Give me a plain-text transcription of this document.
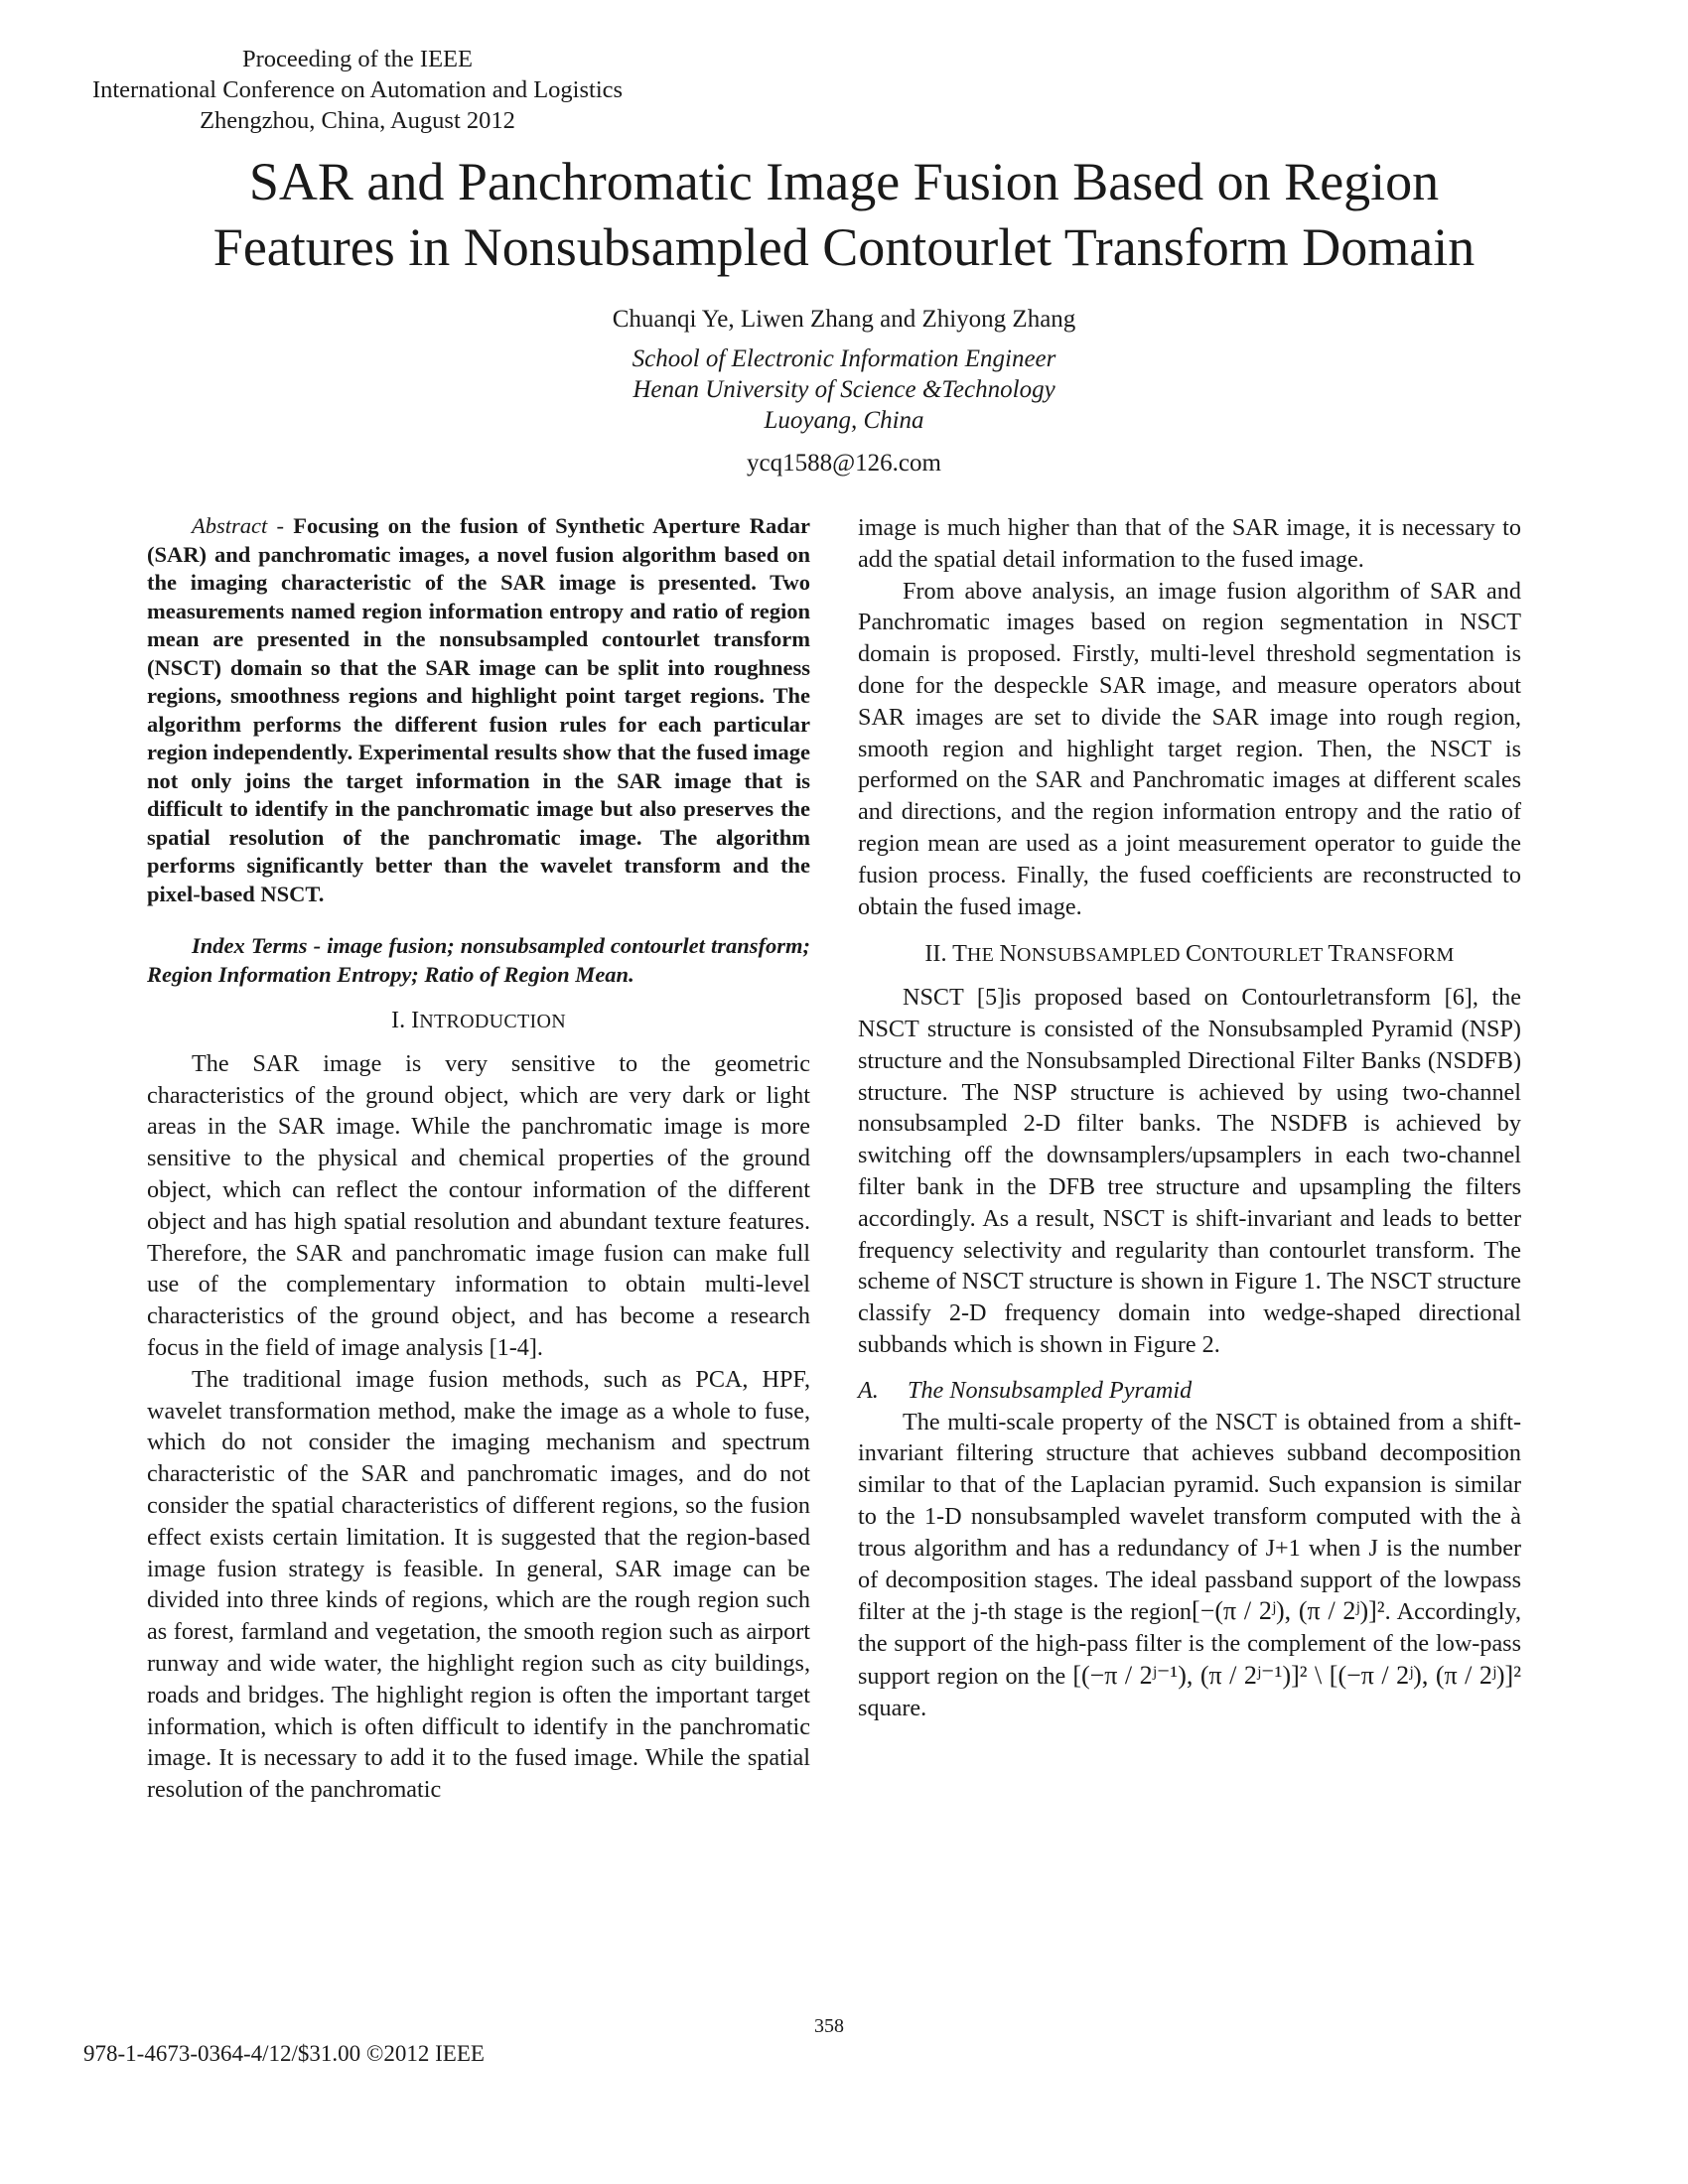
Proceeding of the IEEE
International Conference on Automation and Logistics
Zhengzhou, China, August 2012
SAR and Panchromatic Image Fusion Based on Region
Features in Nonsubsampled Contourlet Transform Domain
Chuanqi Ye, Liwen Zhang and Zhiyong Zhang
School of Electronic Information Engineer
Henan University of Science &Technology
Luoyang, China
ycq1588@126.com

Abstract - Focusing on the fusion of Synthetic Aperture Radar (SAR) and panchromatic images, a novel fusion algorithm based on the imaging characteristic of the SAR image is presented. Two measurements named region information entropy and ratio of region mean are presented in the nonsubsampled contourlet transform (NSCT) domain so that the SAR image can be split into roughness regions, smoothness regions and highlight point target regions. The algorithm performs the different fusion rules for each particular region independently. Experimental results show that the fused image not only joins the target information in the SAR image that is difficult to identify in the panchromatic image but also preserves the spatial resolution of the panchromatic image. The algorithm performs significantly better than the wavelet transform and the pixel-based NSCT.

Index Terms - image fusion; nonsubsampled contourlet transform; Region Information Entropy; Ratio of Region Mean.

I. INTRODUCTION

The SAR image is very sensitive to the geometric characteristics of the ground object, which are very dark or light areas in the SAR image. While the panchromatic image is more sensitive to the physical and chemical properties of the ground object, which can reflect the contour information of the different object and has high spatial resolution and abundant texture features. Therefore, the SAR and panchromatic image fusion can make full use of the complementary information to obtain multi-level characteristics of the ground object, and has become a research focus in the field of image analysis [1-4].

The traditional image fusion methods, such as PCA, HPF, wavelet transformation method, make the image as a whole to fuse, which do not consider the imaging mechanism and spectrum characteristic of the SAR and panchromatic images, and do not consider the spatial characteristics of different regions, so the fusion effect exists certain limitation. It is suggested that the region-based image fusion strategy is feasible. In general, SAR image can be divided into three kinds of regions, which are the rough region such as forest, farmland and vegetation, the smooth region such as airport runway and wide water, the highlight region such as city buildings, roads and bridges. The highlight region is often the important target information, which is often difficult to identify in the panchromatic image. It is necessary to add it to the fused image. While the spatial resolution of the panchromatic

image is much higher than that of the SAR image, it is necessary to add the spatial detail information to the fused image.

From above analysis, an image fusion algorithm of SAR and Panchromatic images based on region segmentation in NSCT domain is proposed. Firstly, multi-level threshold segmentation is done for the despeckle SAR image, and measure operators about SAR images are set to divide the SAR image into rough region, smooth region and highlight target region. Then, the NSCT is performed on the SAR and Panchromatic images at different scales and directions, and the region information entropy and the ratio of region mean are used as a joint measurement operator to guide the fusion process. Finally, the fused coefficients are reconstructed to obtain the fused image.

II. THE NONSUBSAMPLED CONTOURLET TRANSFORM

NSCT [5]is proposed based on Contourletransform [6], the NSCT structure is consisted of the Nonsubsampled Pyramid (NSP) structure and the Nonsubsampled Directional Filter Banks (NSDFB) structure. The NSP structure is achieved by using two-channel nonsubsampled 2-D filter banks. The NSDFB is achieved by switching off the downsamplers/upsamplers in each two-channel filter bank in the DFB tree structure and upsampling the filters accordingly. As a result, NSCT is shift-invariant and leads to better frequency selectivity and regularity than contourlet transform. The scheme of NSCT structure is shown in Figure 1. The NSCT structure classify 2-D frequency domain into wedge-shaped directional subbands which is shown in Figure 2.

A. The Nonsubsampled Pyramid

The multi-scale property of the NSCT is obtained from a shift-invariant filtering structure that achieves subband decomposition similar to that of the Laplacian pyramid. Such expansion is similar to the 1-D nonsubsampled wavelet transform computed with the à trous algorithm and has a redundancy of J+1 when J is the number of decomposition stages. The ideal passband support of the lowpass filter at the j-th stage is the region[−(π / 2ʲ), (π / 2ʲ)]². Accordingly, the support of the high-pass filter is the complement of the low-pass support region on the [(−π / 2ʲ⁻¹), (π / 2ʲ⁻¹)]² \ [(−π / 2ʲ), (π / 2ʲ)]² square.

978-1-4673-0364-4/12/$31.00 ©2012 IEEE
358
